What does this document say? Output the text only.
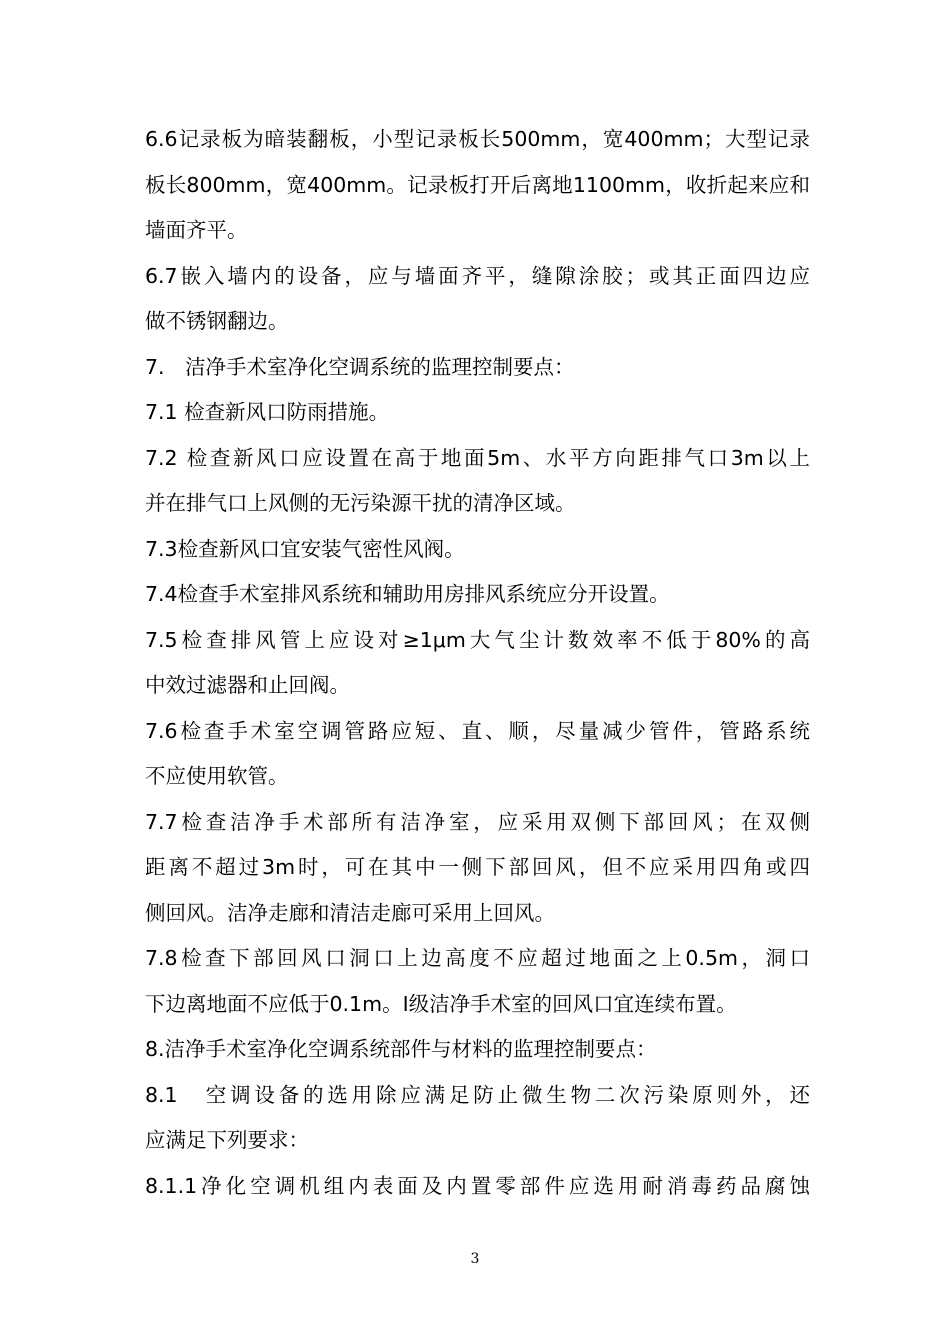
6.6记录板为暗装翻板，小型记录板长500mm，宽400mm；大型记录
板长800mm，宽400mm。记录板打开后离地1100mm，收折起来应和
墙面齐平。
6.7嵌入墙内的设备，应与墙面齐平，缝隙涂胶；或其正面四边应
做不锈钢翻边。
7.　洁净手术室净化空调系统的监理控制要点：
7.1 检查新风口防雨措施。
7.2 检查新风口应设置在高于地面5m、水平方向距排气口3m以上
并在排气口上风侧的无污染源干扰的清净区域。
7.3检查新风口宜安装气密性风阀。
7.4检查手术室排风系统和辅助用房排风系统应分开设置。
7.5检查排风管上应设对≥1μm大气尘计数效率不低于80%的高
中效过滤器和止回阀。
7.6检查手术室空调管路应短、直、顺，尽量减少管件，管路系统
不应使用软管。
7.7检查洁净手术部所有洁净室，应采用双侧下部回风；在双侧
距离不超过3m时，可在其中一侧下部回风，但不应采用四角或四
侧回风。洁净走廊和清洁走廊可采用上回风。
7.8检查下部回风口洞口上边高度不应超过地面之上0.5m，洞口
下边离地面不应低于0.1m。Ⅰ级洁净手术室的回风口宜连续布置。
8.洁净手术室净化空调系统部件与材料的监理控制要点：
8.1　空调设备的选用除应满足防止微生物二次污染原则外，还
应满足下列要求：
8.1.1净化空调机组内表面及内置零部件应选用耐消毒药品腐蚀
3
